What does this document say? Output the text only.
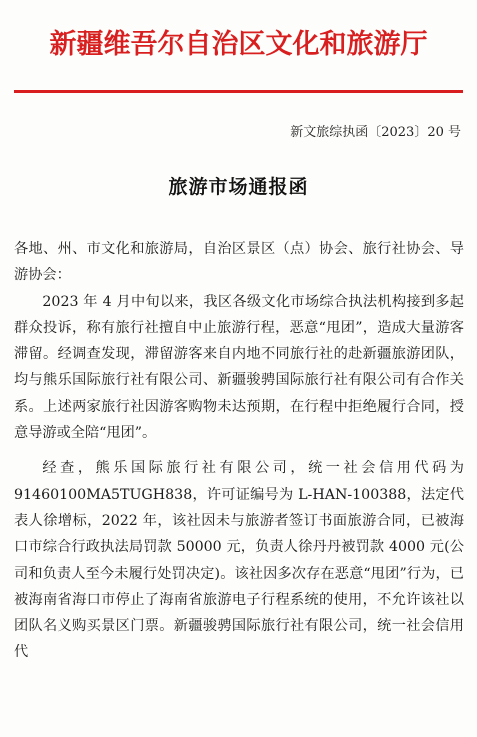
新疆维吾尔自治区文化和旅游厅
新文旅综执函〔2023〕20 号
旅游市场通报函

各地、州、市文化和旅游局，自治区景区（点）协会、旅行社协会、导游协会：

2023 年 4 月中旬以来，我区各级文化市场综合执法机构接到多起群众投诉，称有旅行社擅自中止旅游行程，恶意“甩团”，造成大量游客滞留。经调查发现，滞留游客来自内地不同旅行社的赴新疆旅游团队，均与熊乐国际旅行社有限公司、新疆骏骋国际旅行社有限公司有合作关系。上述两家旅行社因游客购物未达预期，在行程中拒绝履行合同，授意导游或全陪“甩团”。

经查，熊乐国际旅行社有限公司，统一社会信用代码为91460100MA5TUGH838，许可证编号为 L-HAN-100388，法定代表人徐增标，2022 年，该社因未与旅游者签订书面旅游合同，已被海口市综合行政执法局罚款 50000 元，负责人徐丹丹被罚款 4000 元(公司和负责人至今未履行处罚决定)。该社因多次存在恶意“甩团”行为，已被海南省海口市停止了海南省旅游电子行程系统的使用，不允许该社以团队名义购买景区门票。新疆骏骋国际旅行社有限公司，统一社会信用代
